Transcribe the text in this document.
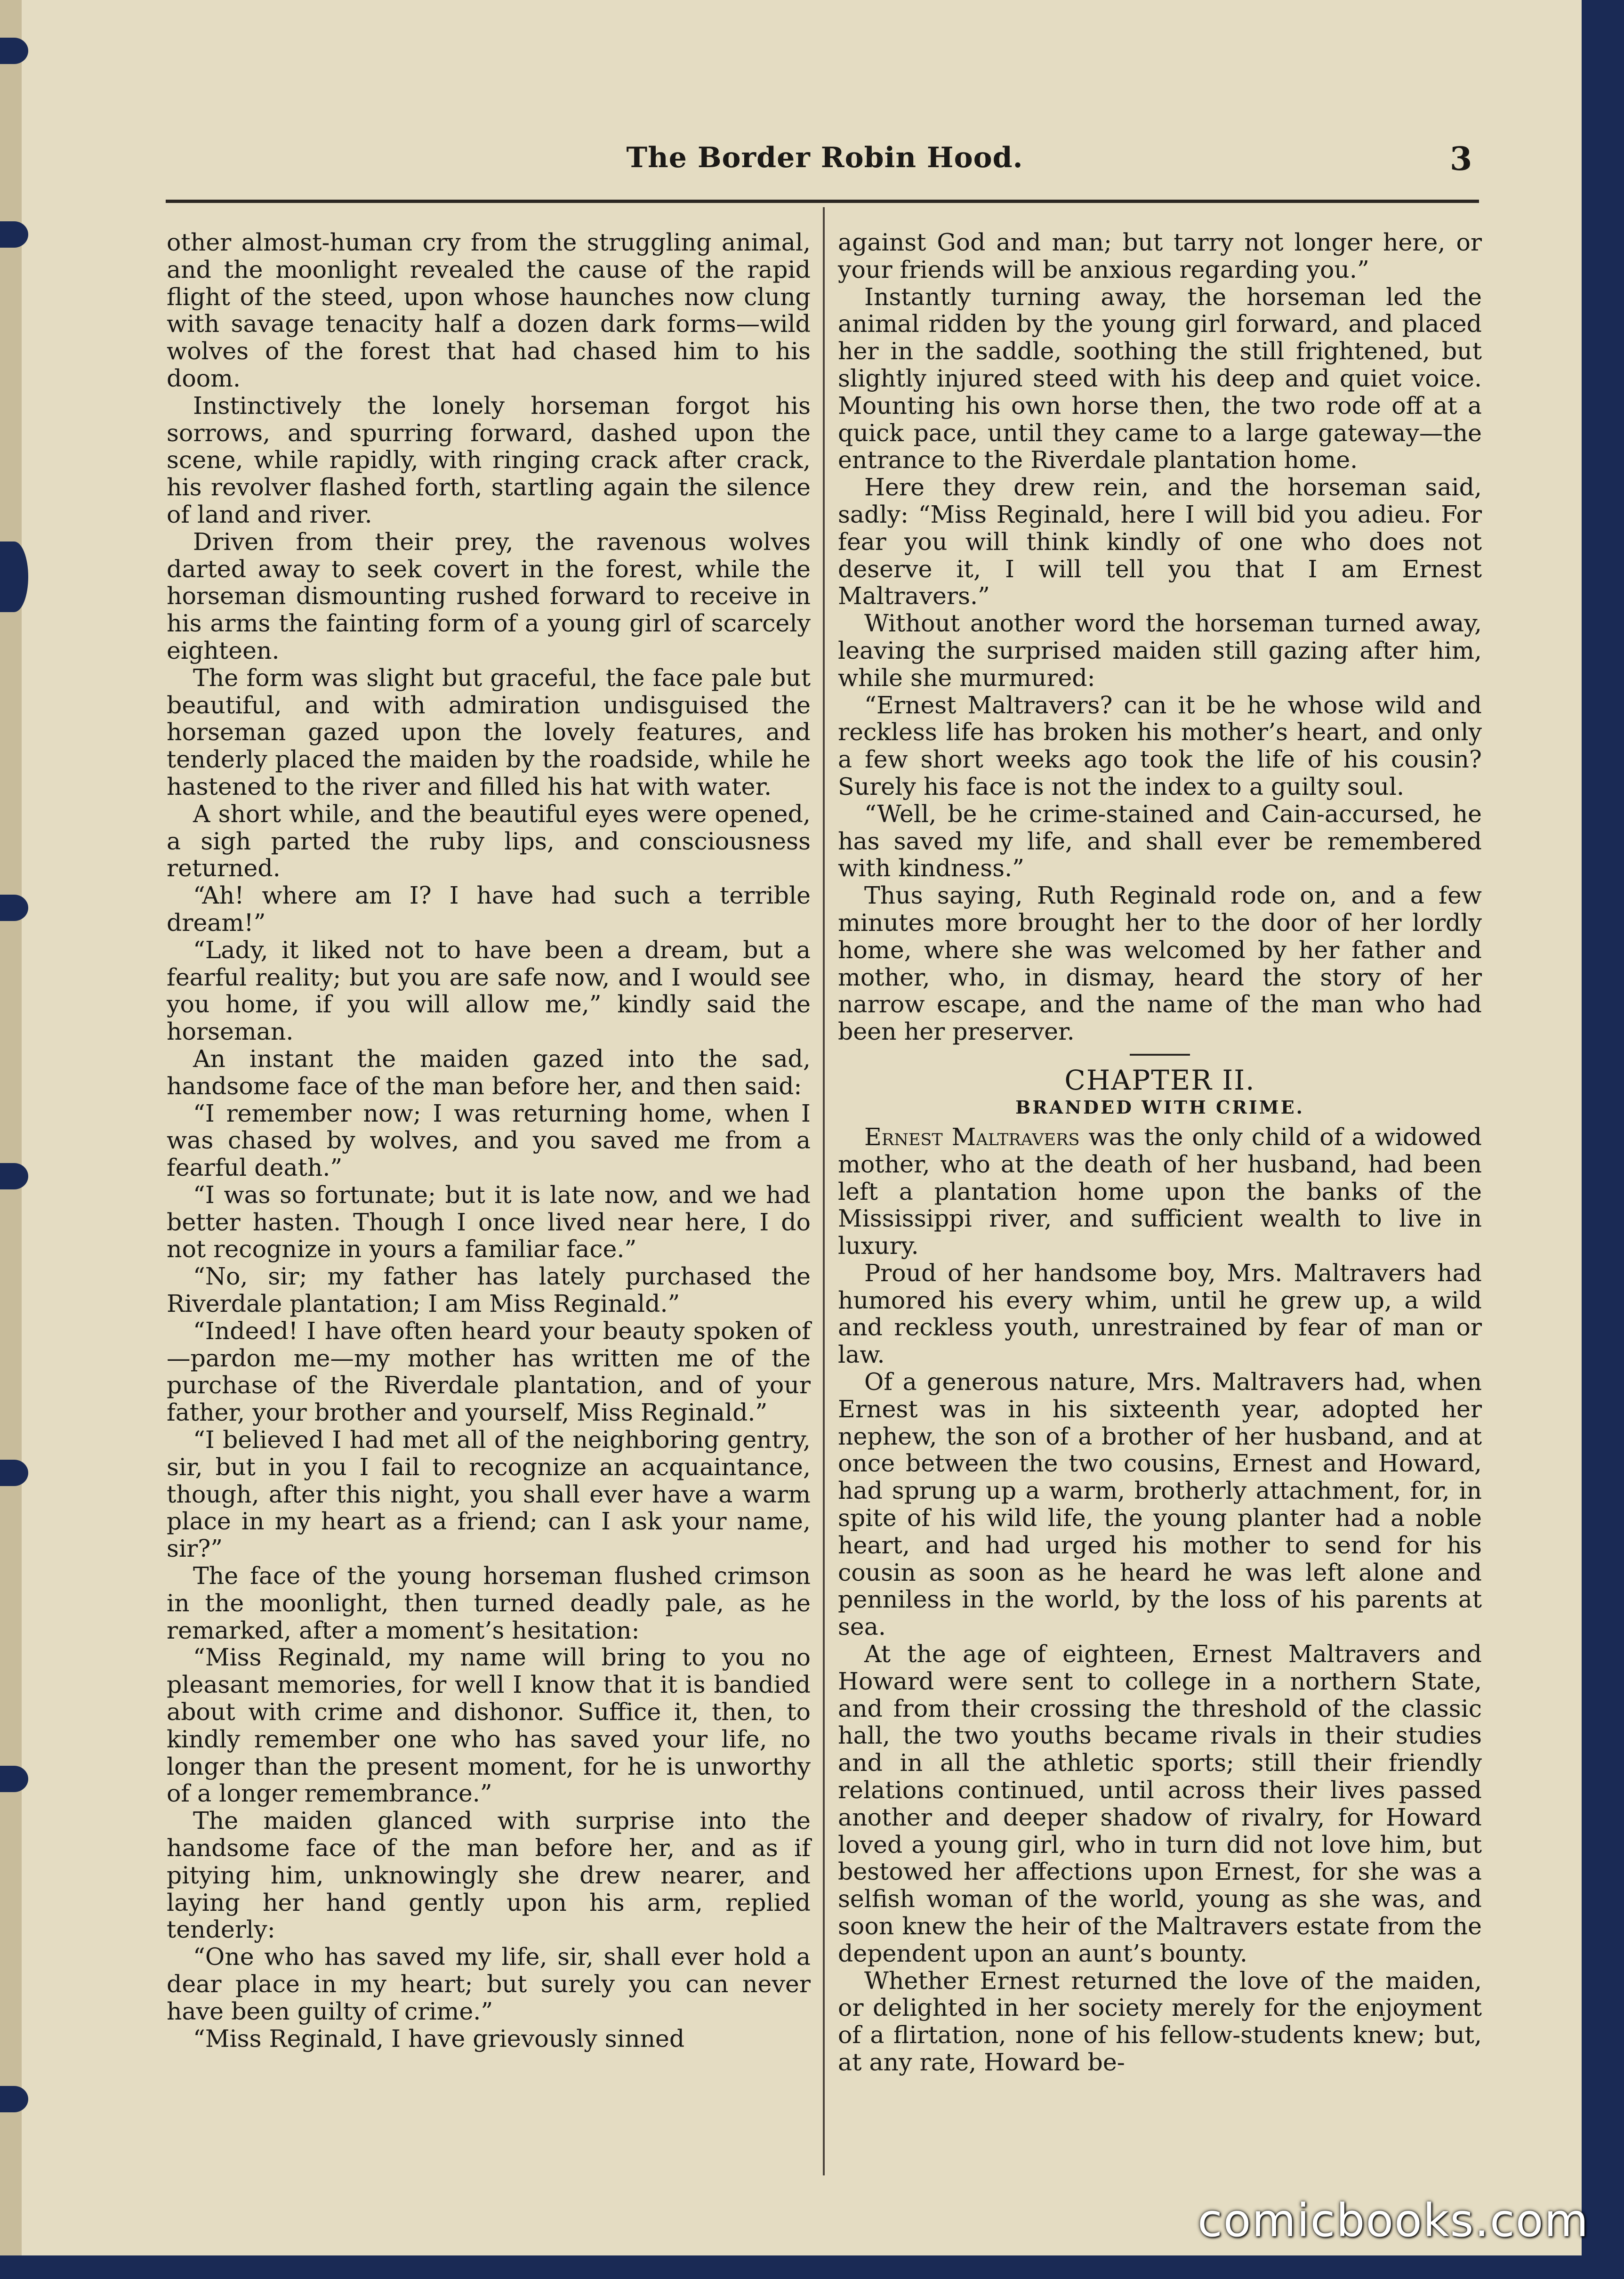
The Border Robin Hood.	3

other almost-human cry from the struggling animal, and the moonlight revealed the cause of the rapid flight of the steed, upon whose haunches now clung with savage tenacity half a dozen dark forms—wild wolves of the forest that had chased him to his doom.

Instinctively the lonely horseman forgot his sorrows, and spurring forward, dashed upon the scene, while rapidly, with ringing crack after crack, his revolver flashed forth, startling again the silence of land and river.

Driven from their prey, the ravenous wolves darted away to seek covert in the forest, while the horseman dismounting rushed forward to receive in his arms the fainting form of a young girl of scarcely eighteen.

The form was slight but graceful, the face pale but beautiful, and with admiration undisguised the horseman gazed upon the lovely features, and tenderly placed the maiden by the roadside, while he hastened to the river and filled his hat with water.

A short while, and the beautiful eyes were opened, a sigh parted the ruby lips, and consciousness returned.

“Ah! where am I? I have had such a terrible dream!”

“Lady, it liked not to have been a dream, but a fearful reality; but you are safe now, and I would see you home, if you will allow me,” kindly said the horseman.

An instant the maiden gazed into the sad, handsome face of the man before her, and then said:

“I remember now; I was returning home, when I was chased by wolves, and you saved me from a fearful death.”

“I was so fortunate; but it is late now, and we had better hasten. Though I once lived near here, I do not recognize in yours a familiar face.”

“No, sir; my father has lately purchased the Riverdale plantation; I am Miss Reginald.”

“Indeed! I have often heard your beauty spoken of—pardon me—my mother has written me of the purchase of the Riverdale plantation, and of your father, your brother and yourself, Miss Reginald.”

“I believed I had met all of the neighboring gentry, sir, but in you I fail to recognize an acquaintance, though, after this night, you shall ever have a warm place in my heart as a friend; can I ask your name, sir?”

The face of the young horseman flushed crimson in the moonlight, then turned deadly pale, as he remarked, after a moment’s hesitation:

“Miss Reginald, my name will bring to you no pleasant memories, for well I know that it is bandied about with crime and dishonor. Suffice it, then, to kindly remember one who has saved your life, no longer than the present moment, for he is unworthy of a longer remembrance.”

The maiden glanced with surprise into the handsome face of the man before her, and as if pitying him, unknowingly she drew nearer, and laying her hand gently upon his arm, replied tenderly:

“One who has saved my life, sir, shall ever hold a dear place in my heart; but surely you can never have been guilty of crime.”

“Miss Reginald, I have grievously sinned

against God and man; but tarry not longer here, or your friends will be anxious regarding you.”

Instantly turning away, the horseman led the animal ridden by the young girl forward, and placed her in the saddle, soothing the still frightened, but slightly injured steed with his deep and quiet voice. Mounting his own horse then, the two rode off at a quick pace, until they came to a large gateway—the entrance to the Riverdale plantation home.

Here they drew rein, and the horseman said, sadly: “Miss Reginald, here I will bid you adieu. For fear you will think kindly of one who does not deserve it, I will tell you that I am Ernest Maltravers.”

Without another word the horseman turned away, leaving the surprised maiden still gazing after him, while she murmured:

“Ernest Maltravers? can it be he whose wild and reckless life has broken his mother’s heart, and only a few short weeks ago took the life of his cousin? Surely his face is not the index to a guilty soul.

“Well, be he crime-stained and Cain-accursed, he has saved my life, and shall ever be remembered with kindness.”

Thus saying, Ruth Reginald rode on, and a few minutes more brought her to the door of her lordly home, where she was welcomed by her father and mother, who, in dismay, heard the story of her narrow escape, and the name of the man who had been her preserver.

CHAPTER II.
BRANDED WITH CRIME.

Ernest Maltravers was the only child of a widowed mother, who at the death of her husband, had been left a plantation home upon the banks of the Mississippi river, and sufficient wealth to live in luxury.

Proud of her handsome boy, Mrs. Maltravers had humored his every whim, until he grew up, a wild and reckless youth, unrestrained by fear of man or law.

Of a generous nature, Mrs. Maltravers had, when Ernest was in his sixteenth year, adopted her nephew, the son of a brother of her husband, and at once between the two cousins, Ernest and Howard, had sprung up a warm, brotherly attachment, for, in spite of his wild life, the young planter had a noble heart, and had urged his mother to send for his cousin as soon as he heard he was left alone and penniless in the world, by the loss of his parents at sea.

At the age of eighteen, Ernest Maltravers and Howard were sent to college in a northern State, and from their crossing the threshold of the classic hall, the two youths became rivals in their studies and in all the athletic sports; still their friendly relations continued, until across their lives passed another and deeper shadow of rivalry, for Howard loved a young girl, who in turn did not love him, but bestowed her affections upon Ernest, for she was a selfish woman of the world, young as she was, and soon knew the heir of the Maltravers estate from the dependent upon an aunt’s bounty.

Whether Ernest returned the love of the maiden, or delighted in her society merely for the enjoyment of a flirtation, none of his fellow-students knew; but, at any rate, Howard be-

comicbooks.com
